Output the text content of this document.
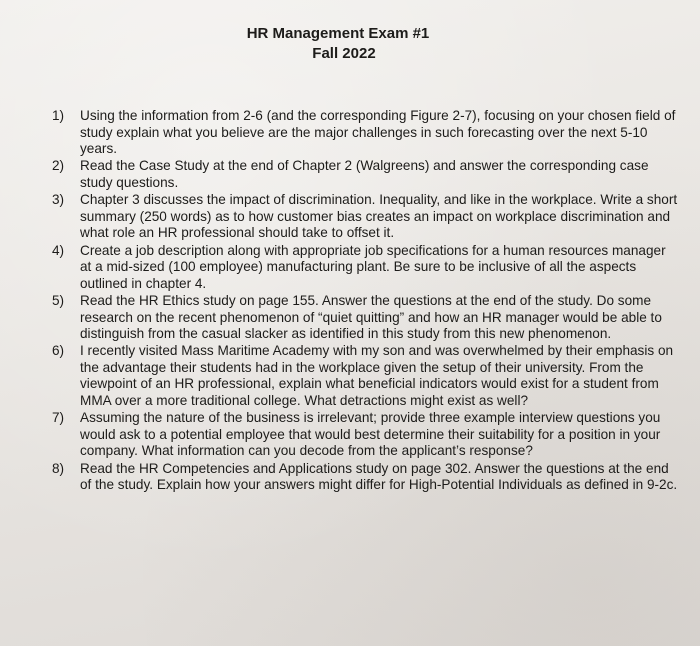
HR Management Exam #1
Fall 2022
1)	Using the information from 2-6 (and the corresponding Figure 2-7), focusing on your chosen field of study explain what you believe are the major challenges in such forecasting over the next 5-10 years.
2)	Read the Case Study at the end of Chapter 2 (Walgreens) and answer the corresponding case study questions.
3)	Chapter 3 discusses the impact of discrimination. Inequality, and like in the workplace. Write a short summary (250 words) as to how customer bias creates an impact on workplace discrimination and what role an HR professional should take to offset it.
4)	Create a job description along with appropriate job specifications for a human resources manager at a mid-sized (100 employee) manufacturing plant. Be sure to be inclusive of all the aspects outlined in chapter 4.
5)	Read the HR Ethics study on page 155. Answer the questions at the end of the study. Do some research on the recent phenomenon of “quiet quitting” and how an HR manager would be able to distinguish from the casual slacker as identified in this study from this new phenomenon.
6)	I recently visited Mass Maritime Academy with my son and was overwhelmed by their emphasis on the advantage their students had in the workplace given the setup of their university. From the viewpoint of an HR professional, explain what beneficial indicators would exist for a student from MMA over a more traditional college. What detractions might exist as well?
7)	Assuming the nature of the business is irrelevant; provide three example interview questions you would ask to a potential employee that would best determine their suitability for a position in your company. What information can you decode from the applicant’s response?
8)	Read the HR Competencies and Applications study on page 302. Answer the questions at the end of the study. Explain how your answers might differ for High-Potential Individuals as defined in 9-2c.
